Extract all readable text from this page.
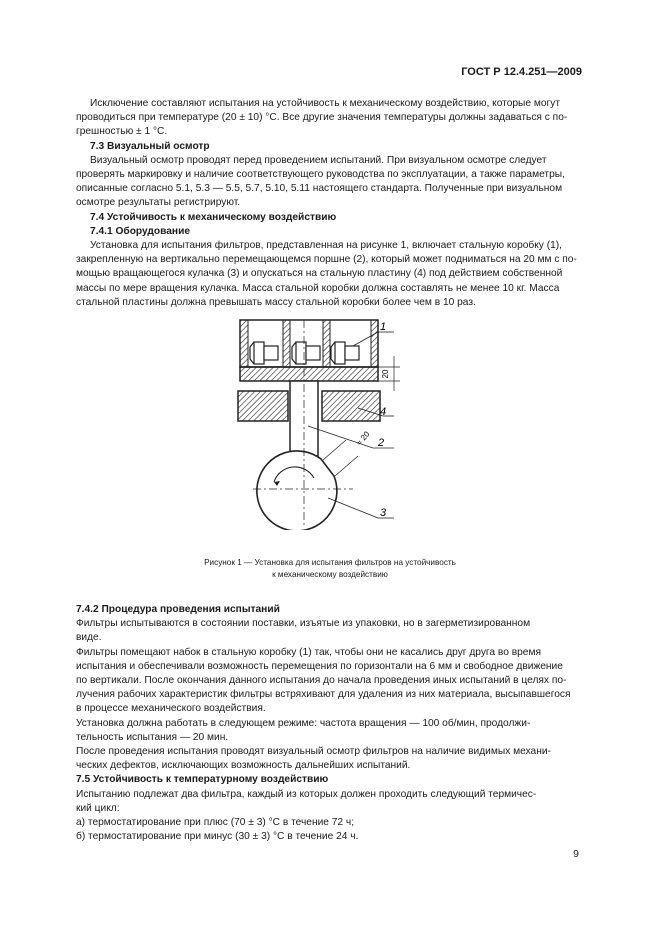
ГОСТ Р 12.4.251—2009
Исключение составляют испытания на устойчивость к механическому воздействию, которые могут
проводиться при температуре (20 ± 10) °C. Все другие значения температуры должны задаваться с по-
грешностью ± 1 °C.
7.3 Визуальный осмотр
Визуальный осмотр проводят перед проведением испытаний. При визуальном осмотре следует
проверять маркировку и наличие соответствующего руководства по эксплуатации, а также параметры,
описанные согласно 5.1, 5.3 — 5.5, 5.7, 5.10, 5.11 настоящего стандарта. Полученные при визуальном
осмотре результаты регистрируют.
7.4 Устойчивость к механическому воздействию
7.4.1 Оборудование
Установка для испытания фильтров, представленная на рисунке 1, включает стальную коробку (1),
закрепленную на вертикально перемещающемся поршне (2), который может подниматься на 20 мм с по-
мощью вращающегося кулачка (3) и опускаться на стальную пластину (4) под действием собственной
массы по мере вращения кулачка. Масса стальной коробки должна составлять не менее 10 кг. Масса
стальной пластины должна превышать массу стальной коробки более чем в 10 раз.
20
≈ 20
1
4
2
3
Рисунок 1 — Установка для испытания фильтров на устойчивость
к механическому воздействию
7.4.2 Процедура проведения испытаний
Фильтры испытываются в состоянии поставки, изъятые из упаковки, но в загерметизированном
виде.
Фильтры помещают набок в стальную коробку (1) так, чтобы они не касались друг друга во время
испытания и обеспечивали возможность перемещения по горизонтали на 6 мм и свободное движение
по вертикали. После окончания данного испытания до начала проведения иных испытаний в целях по-
лучения рабочих характеристик фильтры встряхивают для удаления из них материала, высыпавшегося
в процессе механического воздействия.
Установка должна работать в следующем режиме: частота вращения — 100 об/мин, продолжи-
тельность испытания — 20 мин.
После проведения испытания проводят визуальный осмотр фильтров на наличие видимых механи-
ческих дефектов, исключающих возможность дальнейших испытаний.
7.5 Устойчивость к температурному воздействию
Испытанию подлежат два фильтра, каждый из которых должен проходить следующий термичес-
кий цикл:
а) термостатирование при плюс (70 ± 3) °C в течение 72 ч;
б) термостатирование при минус (30 ± 3) °C в течение 24 ч.
9
